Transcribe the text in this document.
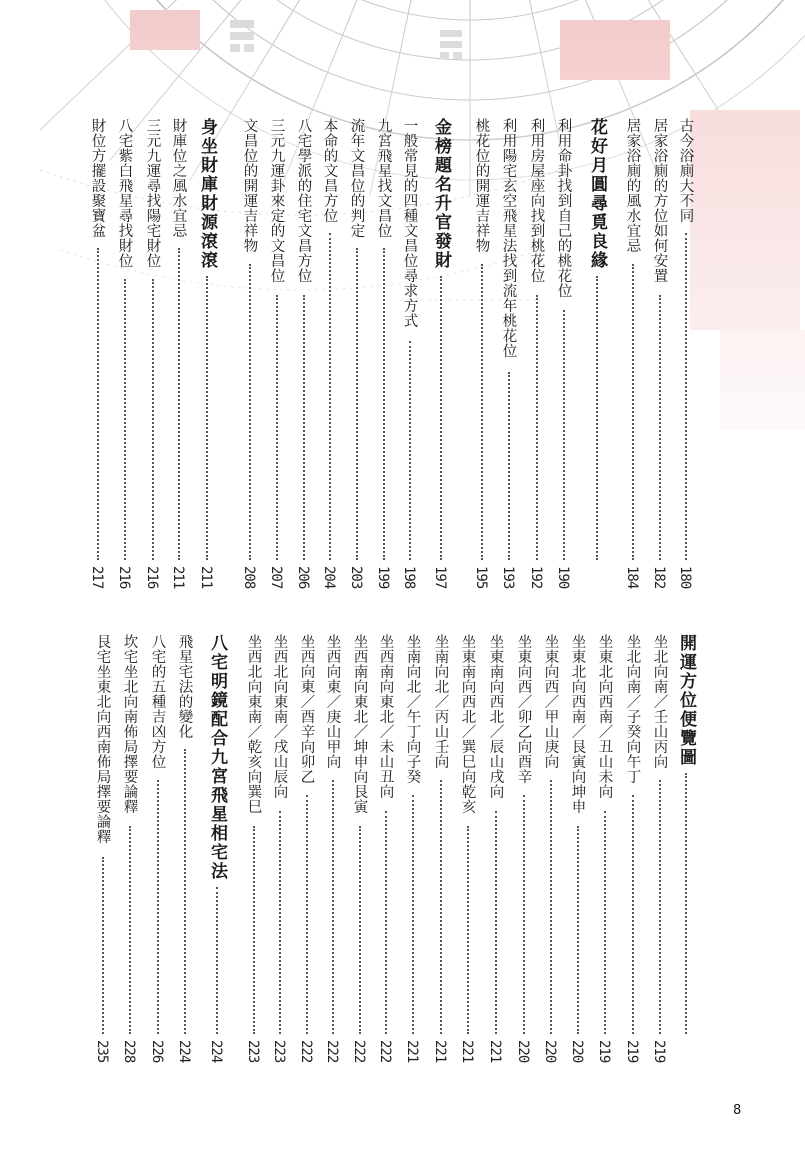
古今浴廁大不同
180
居家浴廁的方位如何安置
182
居家浴廁的風水宜忌
184
花好月圓尋覓良緣
利用命卦找到自己的桃花位
190
利用房屋座向找到桃花位
192
利用陽宅玄空飛星法找到流年桃花位
193
桃花位的開運吉祥物
195
金榜題名升官發財
197
一般常見的四種文昌位尋求方式
198
九宮飛星找文昌位
199
流年文昌位的判定
203
本命的文昌方位
204
八宅學派的住宅文昌方位
206
三元九運卦來定的文昌位
207
文昌位的開運吉祥物
208
身坐財庫財源滾滾
211
財庫位之風水宜忌
211
三元九運尋找陽宅財位
216
八宅紫白飛星尋找財位
216
財位方擺設聚寶盆
217
開運方位便覽圖
坐北向南／壬山丙向
219
坐北向南／子癸向午丁
219
坐東北向西南／丑山未向
219
坐東北向西南／艮寅向坤申
220
坐東向西／甲山庚向
220
坐東向西／卯乙向酉辛
220
坐東南向西北／辰山戌向
221
坐東南向西北／巽巳向乾亥
221
坐南向北／丙山壬向
221
坐南向北／午丁向子癸
221
坐西南向東北／未山丑向
222
坐西南向東北／坤申向艮寅
222
坐西向東／庚山甲向
222
坐西向東／酉辛向卯乙
222
坐西北向東南／戌山辰向
223
坐西北向東南／乾亥向巽巳
223
八宅明鏡配合九宮飛星相宅法
224
飛星宅法的變化
224
八宅的五種吉凶方位
226
坎宅坐北向南佈局擇要論釋
228
艮宅坐東北向西南佈局擇要論釋
235
8
